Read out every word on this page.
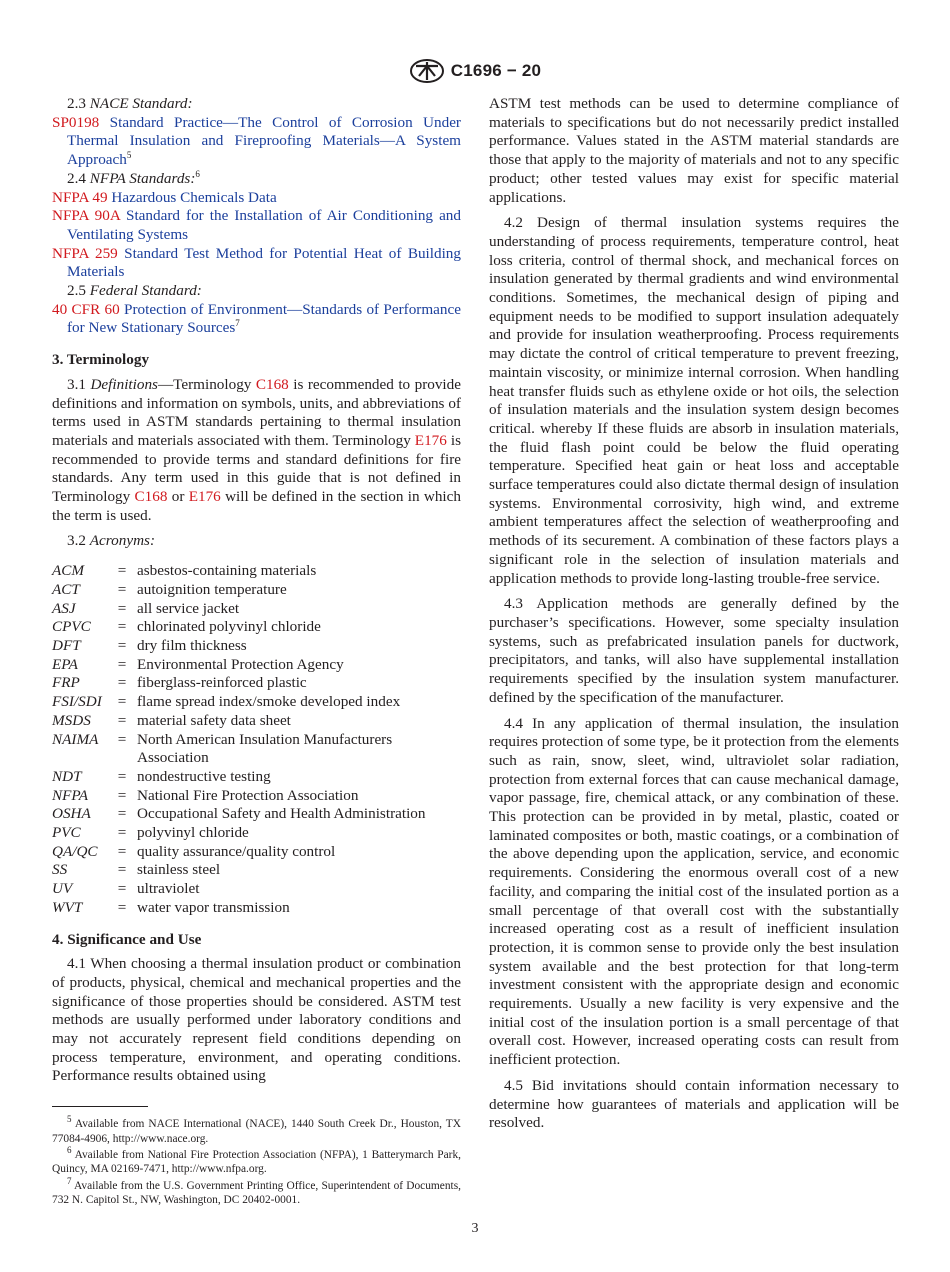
C1696 − 20

2.3 NACE Standard:

SP0198 Standard Practice—The Control of Corrosion Under Thermal Insulation and Fireproofing Materials—A System Approach$^5$

2.4 NFPA Standards:$^6$

NFPA 49 Hazardous Chemicals Data

NFPA 90A Standard for the Installation of Air Conditioning and Ventilating Systems

NFPA 259 Standard Test Method for Potential Heat of Building Materials

2.5 Federal Standard:

40 CFR 60 Protection of Environment—Standards of Performance for New Stationary Sources$^7$

3. Terminology

3.1 Definitions—Terminology C168 is recommended to provide definitions and information on symbols, units, and abbreviations of terms used in ASTM standards pertaining to thermal insulation materials and materials associated with them. Terminology E176 is recommended to provide terms and standard definitions for fire standards. Any term used in this guide that is not defined in Terminology C168 or E176 will be defined in the section in which the term is used.

3.2 Acronyms:

ACM	= asbestos-containing materials
ACT	= autoignition temperature
ASJ	= all service jacket
CPVC	= chlorinated polyvinyl chloride
DFT	= dry film thickness
EPA	= Environmental Protection Agency
FRP	= fiberglass-reinforced plastic
FSI/SDI	= flame spread index/smoke developed index
MSDS	= material safety data sheet
NAIMA	= North American Insulation Manufacturers Association
NDT	= nondestructive testing
NFPA	= National Fire Protection Association
OSHA	= Occupational Safety and Health Administration
PVC	= polyvinyl chloride
QA/QC	= quality assurance/quality control
SS	= stainless steel
UV	= ultraviolet
WVT	= water vapor transmission
4. Significance and Use

4.1 When choosing a thermal insulation product or combination of products, physical, chemical and mechanical properties and the significance of those properties should be considered. ASTM test methods are usually performed under laboratory conditions and may not accurately represent field conditions depending on process temperature, environment, and operating conditions. Performance results obtained using

$^5$ Available from NACE International (NACE), 1440 South Creek Dr., Houston, TX 77084-4906, http://www.nace.org.

$^6$ Available from National Fire Protection Association (NFPA), 1 Batterymarch Park, Quincy, MA 02169-7471, http://www.nfpa.org.

$^7$ Available from the U.S. Government Printing Office, Superintendent of Documents, 732 N. Capitol St., NW, Washington, DC 20402-0001.

ASTM test methods can be used to determine compliance of materials to specifications but do not necessarily predict installed performance. Values stated in the ASTM material standards are those that apply to the majority of materials and not to any specific product; other tested values may exist for specific material applications.

4.2 Design of thermal insulation systems requires the understanding of process requirements, temperature control, heat loss criteria, control of thermal shock, and mechanical forces on insulation generated by thermal gradients and wind environmental conditions. Sometimes, the mechanical design of piping and equipment needs to be modified to support insulation adequately and provide for insulation weatherproofing. Process requirements may dictate the control of critical temperature to prevent freezing, maintain viscosity, or minimize internal corrosion. When handling heat transfer fluids such as ethylene oxide or hot oils, the selection of insulation materials and the insulation system design becomes critical. whereby If these fluids are absorb in insulation materials, the fluid flash point could be below the fluid operating temperature. Specified heat gain or heat loss and acceptable surface temperatures could also dictate thermal design of insulation systems. Environmental corrosivity, high wind, and extreme ambient temperatures affect the selection of weatherproofing and methods of its securement. A combination of these factors plays a significant role in the selection of insulation materials and application methods to provide long-lasting trouble-free service.

4.3 Application methods are generally defined by the purchaser’s specifications. However, some specialty insulation systems, such as prefabricated insulation panels for ductwork, precipitators, and tanks, will also have supplemental installation requirements specified by the insulation system manufacturer. defined by the specification of the manufacturer.

4.4 In any application of thermal insulation, the insulation requires protection of some type, be it protection from the elements such as rain, snow, sleet, wind, ultraviolet solar radiation, protection from external forces that can cause mechanical damage, vapor passage, fire, chemical attack, or any combination of these. This protection can be provided in by metal, plastic, coated or laminated composites or both, mastic coatings, or a combination of the above depending upon the application, service, and economic requirements. Considering the enormous overall cost of a new facility, and comparing the initial cost of the insulated portion as a small percentage of that overall cost with the substantially increased operating cost as a result of inefficient insulation protection, it is common sense to provide only the best insulation system available and the best protection for that long-term investment consistent with the appropriate design and economic requirements. Usually a new facility is very expensive and the initial cost of the insulation portion is a small percentage of that overall cost. However, increased operating costs can result from inefficient protection.

4.5 Bid invitations should contain information necessary to determine how guarantees of materials and application will be resolved.

3
